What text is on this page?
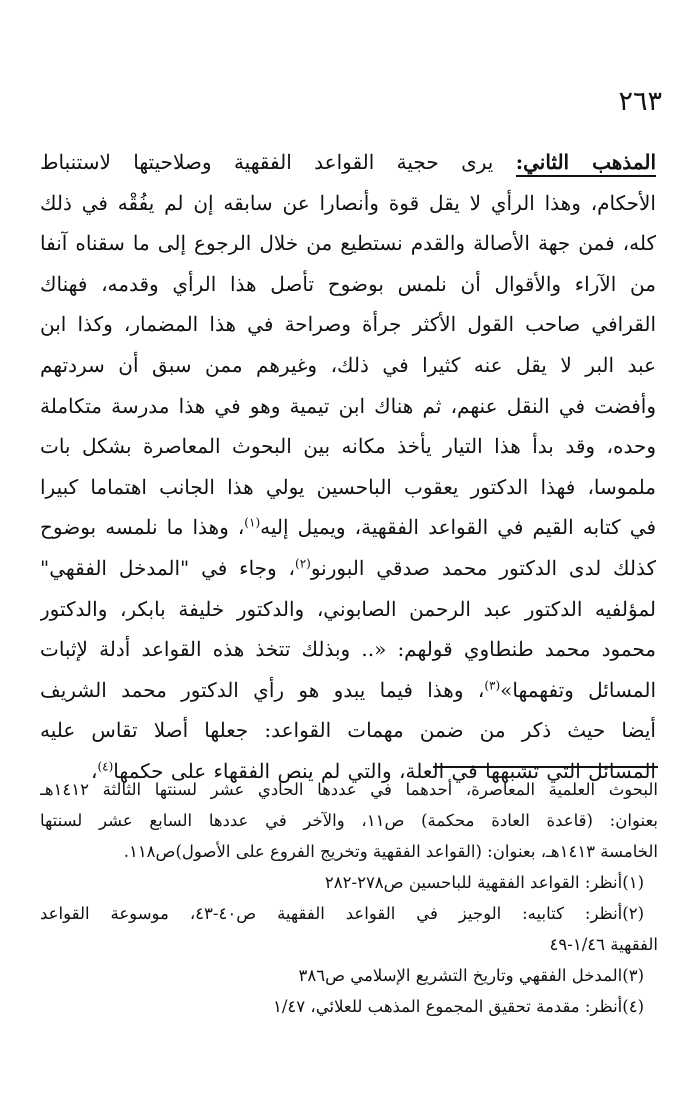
٢٦٣
المذهب الثاني: يرى حجية القواعد الفقهية وصلاحيتها لاستنباط
الأحكام، وهذا الرأي لا يقل قوة وأنصارا عن سابقه إن لم يفُقْه في ذلك
كله، فمن جهة الأصالة والقدم نستطيع من خلال الرجوع إلى ما سقناه آنفا
من الآراء والأقوال أن نلمس بوضوح تأصل هذا الرأي وقدمه، فهناك
القرافي صاحب القول الأكثر جرأة وصراحة في هذا المضمار، وكذا ابن
عبد البر لا يقل عنه كثيرا في ذلك، وغيرهم ممن سبق أن سردتهم
وأفضت في النقل عنهم، ثم هناك ابن تيمية وهو في هذا مدرسة متكاملة
وحده، وقد بدأ هذا التيار يأخذ مكانه بين البحوث المعاصرة بشكل بات
ملموسا، فهذا الدكتور يعقوب الباحسين يولي هذا الجانب اهتماما كبيرا
في كتابه القيم في القواعد الفقهية، ويميل إليه$^{(١)}$، وهذا ما نلمسه بوضوح
كذلك لدى الدكتور محمد صدقي البورنو$^{(٢)}$، وجاء في "المدخل الفقهي"
لمؤلفيه الدكتور عبد الرحمن الصابوني، والدكتور خليفة بابكر، والدكتور
محمود محمد طنطاوي قولهم: «.. وبذلك تتخذ هذه القواعد أدلة لإثبات
المسائل وتفهمها»$^{(٣)}$، وهذا فيما يبدو هو رأي الدكتور محمد الشريف
أيضا حيث ذكر من ضمن مهمات القواعد: جعلها أصلا تقاس عليه
المسائل التي تشبهها في العلة، والتي لم ينص الفقهاء على حكمها$^{(٤)}$،
البحوث العلمية المعاصرة، أحدهما في عددها الحادي عشر لسنتها الثالثة ١٤١٢هـ
بعنوان: (قاعدة العادة محكمة) ص١١، والآخر في عددها السابع عشر لسنتها
الخامسة ١٤١٣هـ، بعنوان: (القواعد الفقهية وتخريج الفروع على الأصول)ص١١٨.
(١)أنظر: القواعد الفقهية للباحسين ص٢٧٨-٢٨٢
(٢)أنظر: كتابيه: الوجيز في القواعد الفقهية ص٤٠-٤٣، موسوعة القواعد
الفقهية ١/٤٦-٤٩
(٣)المدخل الفقهي وتاريخ التشريع الإسلامي ص٣٨٦
(٤)أنظر: مقدمة تحقيق المجموع المذهب للعلائي، ١/٤٧
